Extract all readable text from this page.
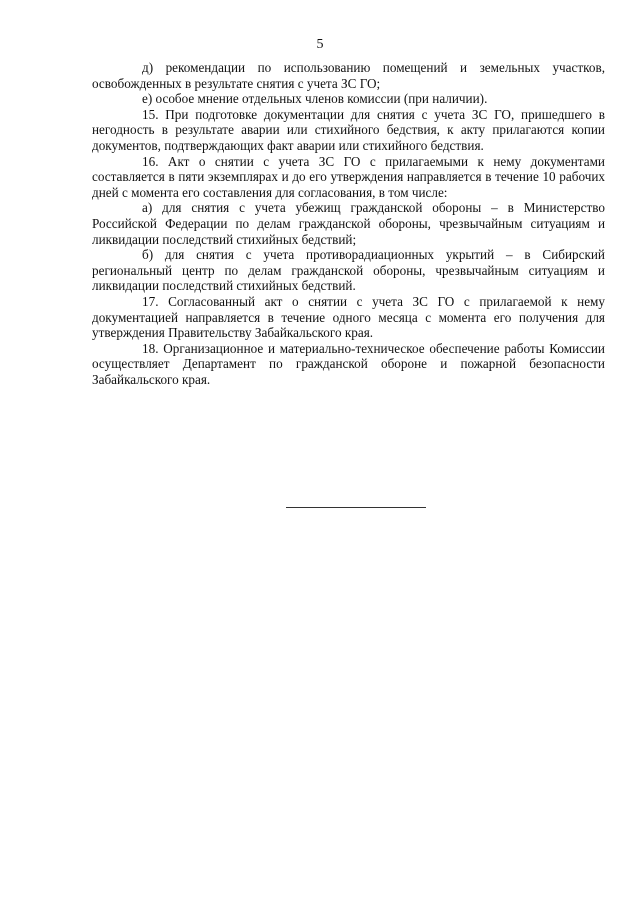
5

д) рекомендации по использованию помещений и земельных участков, освобожденных в результате снятия с учета ЗС ГО;

е) особое мнение отдельных членов комиссии (при наличии).

15. При подготовке документации для снятия с учета ЗС ГО, пришедшего в негодность в результате аварии или стихийного бедствия, к акту прилагаются копии документов, подтверждающих факт аварии или стихийного бедствия.

16. Акт о снятии с учета ЗС ГО с прилагаемыми к нему документами составляется в пяти экземплярах и до его утверждения направляется в течение 10 рабочих дней с момента его составления для согласования, в том числе:

а) для снятия с учета убежищ гражданской обороны – в Министерство Российской Федерации по делам гражданской обороны, чрезвычайным ситуациям и ликвидации последствий стихийных бедствий;

б) для снятия с учета противорадиационных укрытий – в Сибирский региональный центр по делам гражданской обороны, чрезвычайным ситуациям и ликвидации последствий стихийных бедствий.

17. Согласованный акт о снятии с учета ЗС ГО с прилагаемой к нему документацией направляется в течение одного месяца с момента его получения для утверждения Правительству Забайкальского края.

18. Организационное и материально-техническое обеспечение работы Комиссии осуществляет Департамент по гражданской обороне и пожарной безопасности Забайкальского края.
